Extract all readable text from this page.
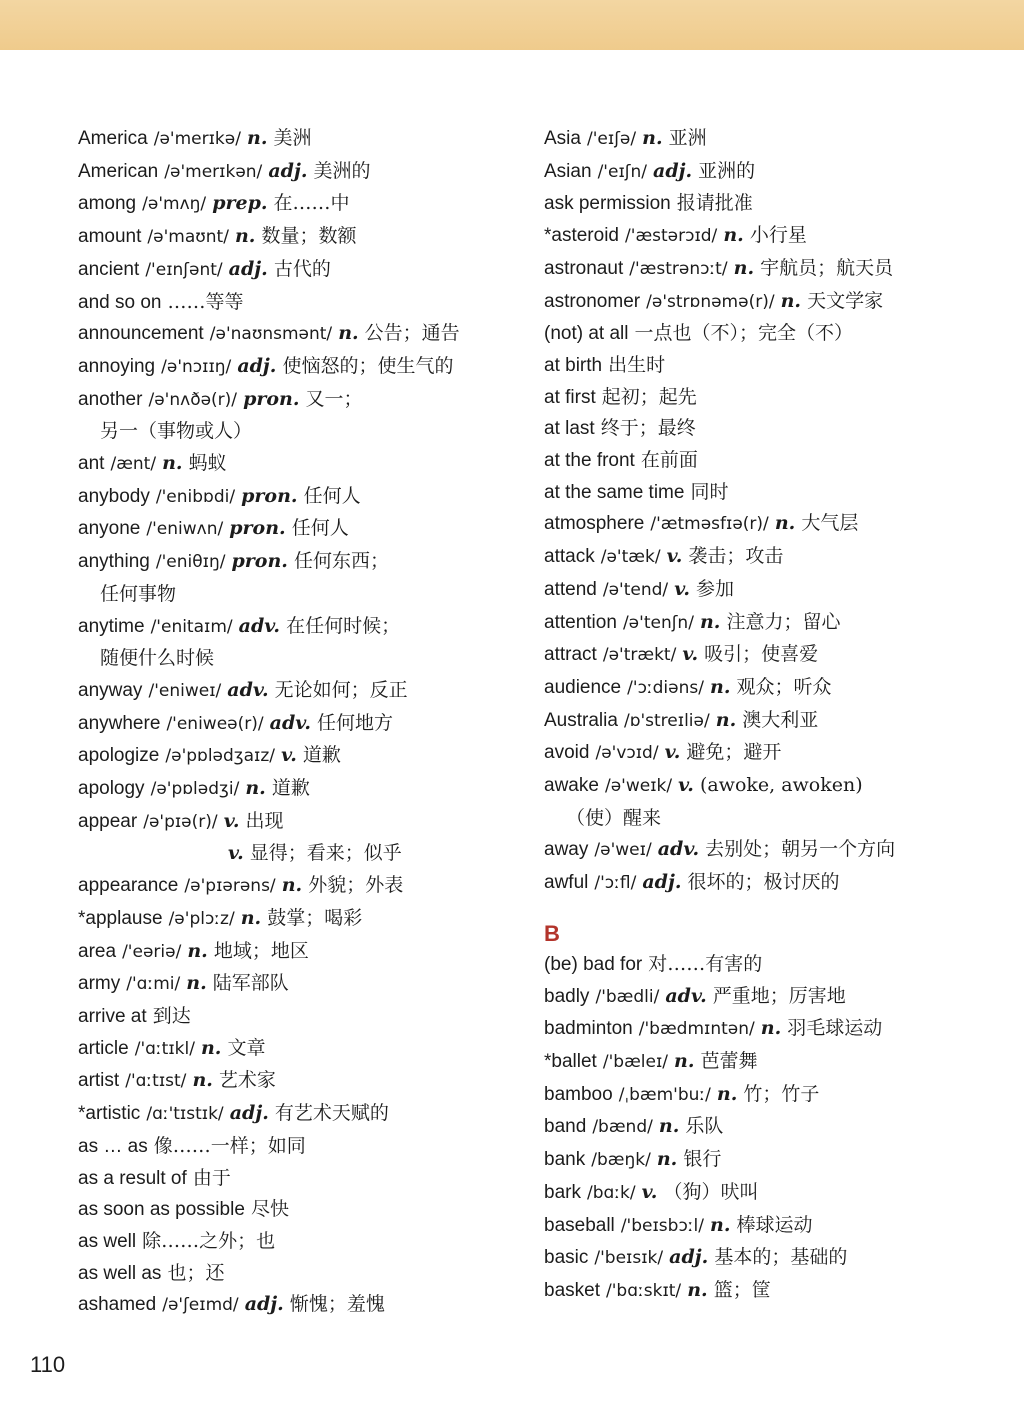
America /ə'merɪkə/ n. 美洲
American /ə'merɪkən/ adj. 美洲的
among /ə'mʌŋ/ prep. 在……中
amount /ə'maʊnt/ n. 数量；数额
ancient /'eɪnʃənt/ adj. 古代的
and so on ……等等
announcement /ə'naʊnsmənt/ n. 公告；通告
annoying /ə'nɔɪɪŋ/ adj. 使恼怒的；使生气的
another /ə'nʌðə(r)/ pron. 又一；
另一（事物或人）
ant /ænt/ n. 蚂蚁
anybody /'enibɒdi/ pron. 任何人
anyone /'eniwʌn/ pron. 任何人
anything /'eniθɪŋ/ pron. 任何东西；
任何事物
anytime /'enitaɪm/ adv. 在任何时候；
随便什么时候
anyway /'eniweɪ/ adv. 无论如何；反正
anywhere /'eniweə(r)/ adv. 任何地方
apologize /ə'pɒlədʒaɪz/ v. 道歉
apology /ə'pɒlədʒi/ n. 道歉
appear /ə'pɪə(r)/ v. 出现
v. 显得；看来；似乎
appearance /ə'pɪərəns/ n. 外貌；外表
*applause /ə'plɔːz/ n. 鼓掌；喝彩
area /'eəriə/ n. 地域；地区
army /'ɑːmi/ n. 陆军部队
arrive at 到达
article /'ɑːtɪkl/ n. 文章
artist /'ɑːtɪst/ n. 艺术家
*artistic /ɑː'tɪstɪk/ adj. 有艺术天赋的
as … as 像……一样；如同
as a result of 由于
as soon as possible 尽快
as well 除……之外；也
as well as 也；还
ashamed /ə'ʃeɪmd/ adj. 惭愧；羞愧
Asia /'eɪʃə/ n. 亚洲
Asian /'eɪʃn/ adj. 亚洲的
ask permission 报请批准
*asteroid /'æstərɔɪd/ n. 小行星
astronaut /'æstrənɔːt/ n. 宇航员；航天员
astronomer /ə'strɒnəmə(r)/ n. 天文学家
(not) at all 一点也（不）；完全（不）
at birth 出生时
at first 起初；起先
at last 终于；最终
at the front 在前面
at the same time 同时
atmosphere /'ætməsfɪə(r)/ n. 大气层
attack /ə'tæk/ v. 袭击；攻击
attend /ə'tend/ v. 参加
attention /ə'tenʃn/ n. 注意力；留心
attract /ə'trækt/ v. 吸引；使喜爱
audience /'ɔːdiəns/ n. 观众；听众
Australia /ɒ'streɪliə/ n. 澳大利亚
avoid /ə'vɔɪd/ v. 避免；避开
awake /ə'weɪk/ v. (awoke, awoken)
（使）醒来
away /ə'weɪ/ adv. 去别处；朝另一个方向
awful /'ɔːfl/ adj. 很坏的；极讨厌的
B
(be) bad for 对……有害的
badly /'bædli/ adv. 严重地；厉害地
badminton /'bædmɪntən/ n. 羽毛球运动
*ballet /'bæleɪ/ n. 芭蕾舞
bamboo /ˌbæm'buː/ n. 竹；竹子
band /bænd/ n. 乐队
bank /bæŋk/ n. 银行
bark /bɑːk/ v. （狗）吠叫
baseball /'beɪsbɔːl/ n. 棒球运动
basic /'beɪsɪk/ adj. 基本的；基础的
basket /'bɑːskɪt/ n. 篮；筐
110
